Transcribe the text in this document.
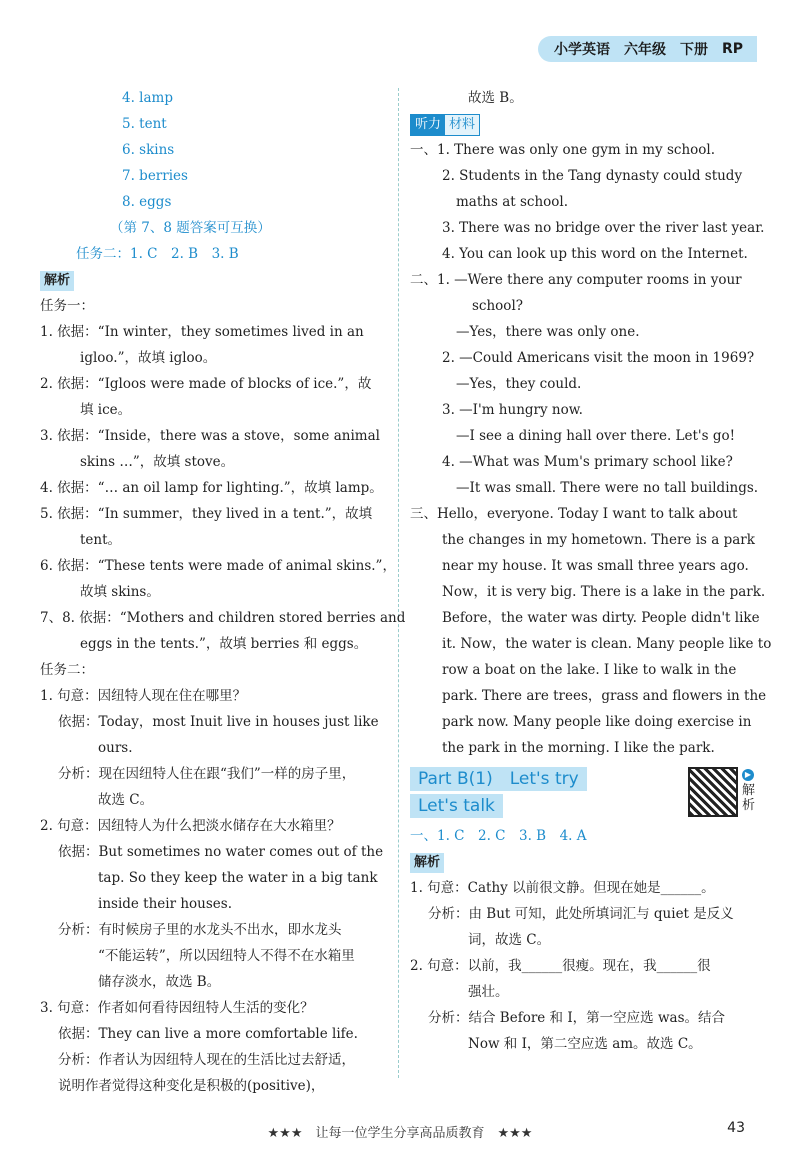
小学英语 六年级 下册 RP
4. lamp
5. tent
6. skins
7. berries
8. eggs
（第 7、8 题答案可互换）
任务二：1. C　2. B　3. B
解析
任务一：
1. 依据：“In winter，they sometimes lived in an
igloo.”，故填 igloo。
2. 依据：“Igloos were made of blocks of ice.”，故
填 ice。
3. 依据：“Inside，there was a stove，some animal
skins …”，故填 stove。
4. 依据：“… an oil lamp for lighting.”，故填 lamp。
5. 依据：“In summer，they lived in a tent.”，故填
tent。
6. 依据：“These tents were made of animal skins.”，
故填 skins。
7、8. 依据：“Mothers and children stored berries and
eggs in the tents.”，故填 berries 和 eggs。
任务二：
1. 句意：因纽特人现在住在哪里？
依据：Today，most Inuit live in houses just like
ours.
分析：现在因纽特人住在跟“我们”一样的房子里，
故选 C。
2. 句意：因纽特人为什么把淡水储存在大水箱里？
依据：But sometimes no water comes out of the
tap. So they keep the water in a big tank
inside their houses.
分析：有时候房子里的水龙头不出水，即水龙头
“不能运转”，所以因纽特人不得不在水箱里
储存淡水，故选 B。
3. 句意：作者如何看待因纽特人生活的变化？
依据：They can live a more comfortable life.
分析：作者认为因纽特人现在的生活比过去舒适，
说明作者觉得这种变化是积极的(positive)，
故选 B。
听力 材料
一、1. There was only one gym in my school.
2. Students in the Tang dynasty could study
maths at school.
3. There was no bridge over the river last year.
4. You can look up this word on the Internet.
二、1. —Were there any computer rooms in your
school?
—Yes，there was only one.
2. —Could Americans visit the moon in 1969?
—Yes，they could.
3. —I'm hungry now.
—I see a dining hall over there. Let's go!
4. —What was Mum's primary school like?
—It was small. There were no tall buildings.
三、Hello，everyone. Today I want to talk about
the changes in my hometown. There is a park
near my house. It was small three years ago.
Now，it is very big. There is a lake in the park.
Before，the water was dirty. People didn't like
it. Now，the water is clean. Many people like to
row a boat on the lake. I like to walk in the
park. There are trees，grass and flowers in the
park now. Many people like doing exercise in
the park in the morning. I like the park.
Part B(1)　Let's try
Let's talk
▶
解析
一、1. C　2. C　3. B　4. A
解析
1. 句意：Cathy 以前很文静。但现在她是______。
分析：由 But 可知，此处所填词汇与 quiet 是反义
词，故选 C。
2. 句意：以前，我______很瘦。现在，我______很
强壮。
分析：结合 Before 和 I，第一空应选 was。结合
Now 和 I，第二空应选 am。故选 C。
★★★　让每一位学生分享高品质教育　★★★	43
